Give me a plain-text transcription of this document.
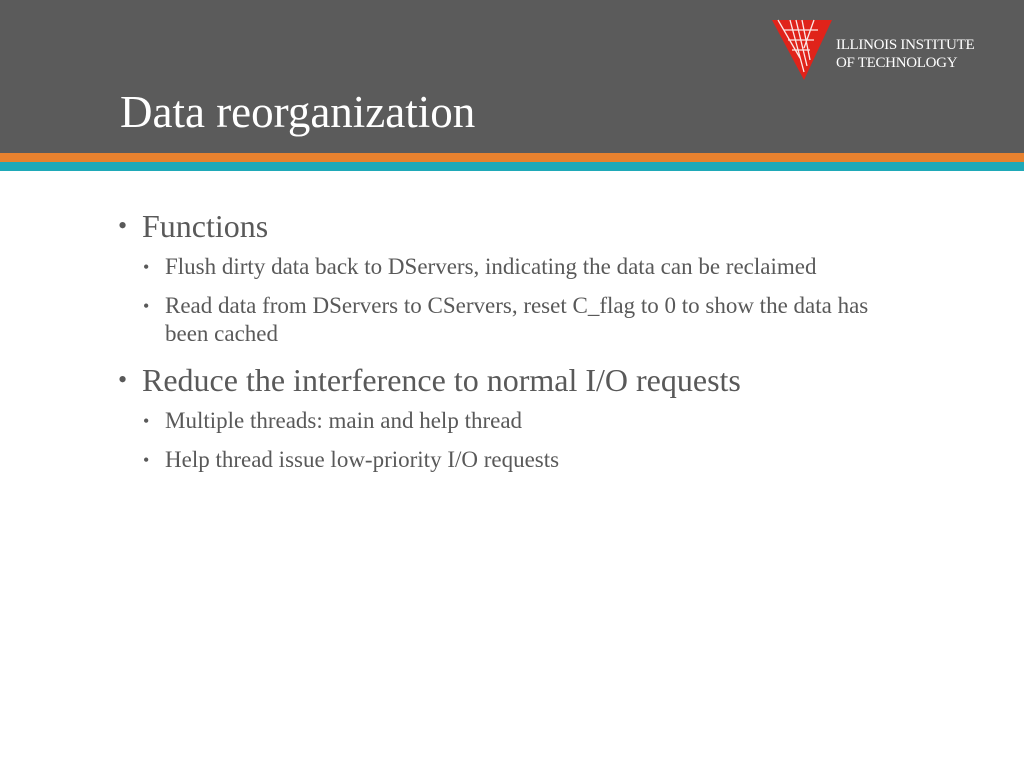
Data reorganization
ILLINOIS INSTITUTE
OF TECHNOLOGY
• Functions
• Flush dirty data back to DServers, indicating the data can be reclaimed
• Read data from DServers to CServers, reset C_flag to 0 to show the data has been cached
• Reduce the interference to normal I/O requests
• Multiple threads: main and help thread
• Help thread issue low-priority I/O requests
